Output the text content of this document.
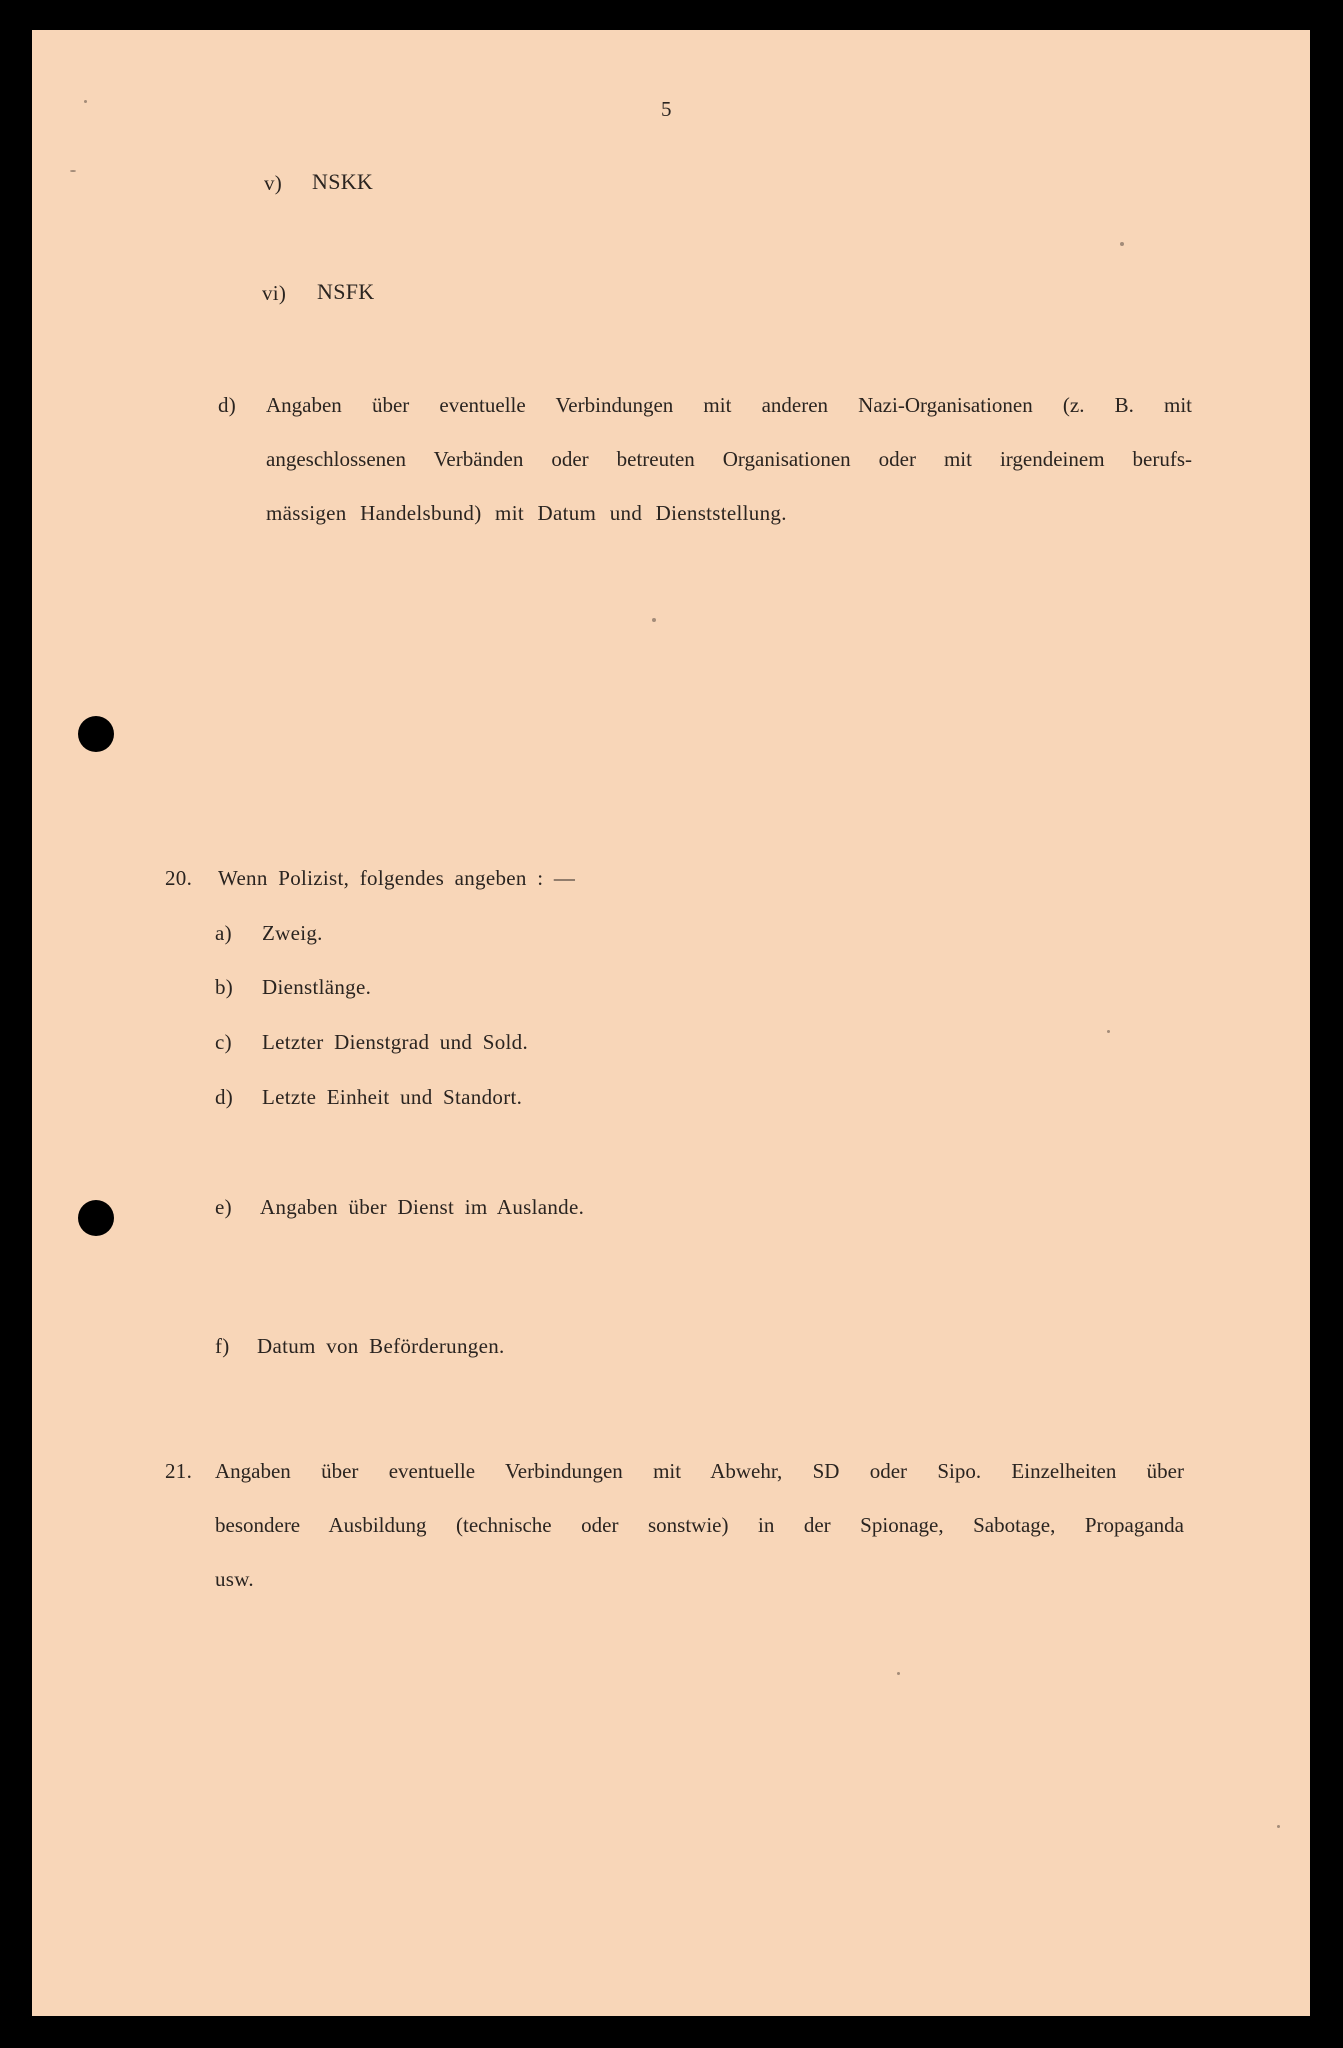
5
v) NSKK
vi) NSFK
d) Angaben über eventuelle Verbindungen mit anderen Nazi-Organisationen (z. B. mit
angeschlossenen Verbänden oder betreuten Organisationen oder mit irgendeinem berufs-
mässigen Handelsbund) mit Datum und Dienststellung.
20. Wenn Polizist, folgendes angeben : —
a) Zweig.
b) Dienstlänge.
c) Letzter Dienstgrad und Sold.
d) Letzte Einheit und Standort.
e) Angaben über Dienst im Auslande.
f) Datum von Beförderungen.
21. Angaben über eventuelle Verbindungen mit Abwehr, SD oder Sipo. Einzelheiten über
besondere Ausbildung (technische oder sonstwie) in der Spionage, Sabotage, Propaganda
usw.
